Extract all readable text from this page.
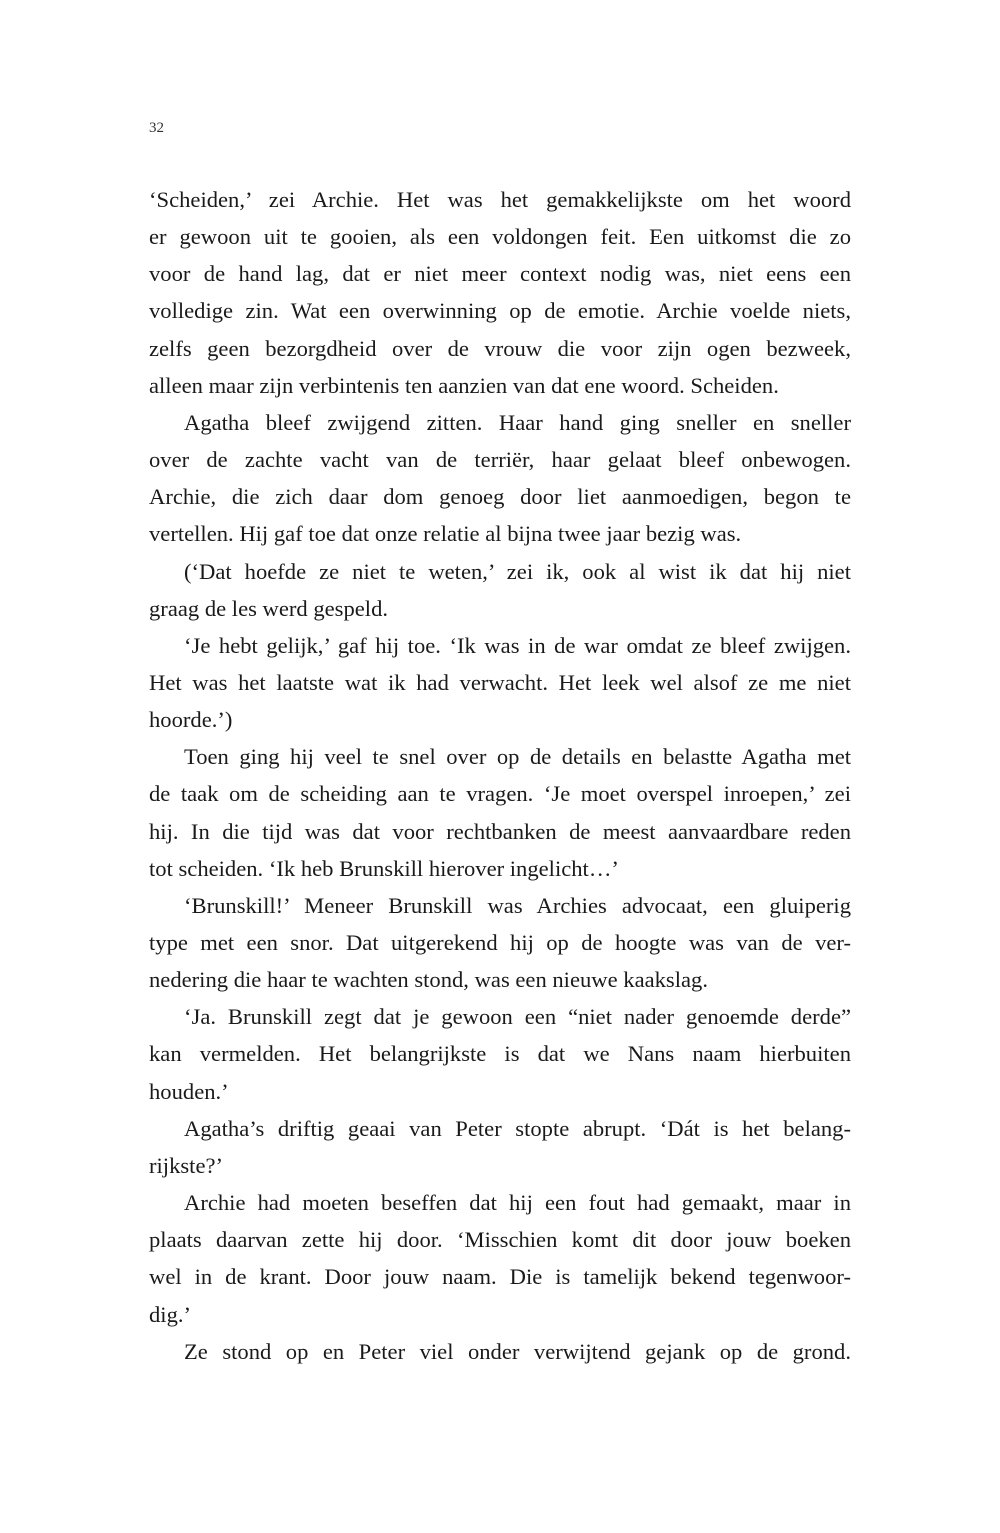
32
‘Scheiden,’ zei Archie. Het was het gemakkelijkste om het woord
er gewoon uit te gooien, als een voldongen feit. Een uitkomst die zo
voor de hand lag, dat er niet meer context nodig was, niet eens een
volledige zin. Wat een overwinning op de emotie. Archie voelde niets,
zelfs geen bezorgdheid over de vrouw die voor zijn ogen bezweek,
alleen maar zijn verbintenis ten aanzien van dat ene woord. Scheiden.
Agatha bleef zwijgend zitten. Haar hand ging sneller en sneller
over de zachte vacht van de terriër, haar gelaat bleef onbewogen.
Archie, die zich daar dom genoeg door liet aanmoedigen, begon te
vertellen. Hij gaf toe dat onze relatie al bijna twee jaar bezig was.
(‘Dat hoefde ze niet te weten,’ zei ik, ook al wist ik dat hij niet
graag de les werd gespeld.
‘Je hebt gelijk,’ gaf hij toe. ‘Ik was in de war omdat ze bleef zwijgen.
Het was het laatste wat ik had verwacht. Het leek wel alsof ze me niet
hoorde.’)
Toen ging hij veel te snel over op de details en belastte Agatha met
de taak om de scheiding aan te vragen. ‘Je moet overspel inroepen,’ zei
hij. In die tijd was dat voor rechtbanken de meest aanvaardbare reden
tot scheiden. ‘Ik heb Brunskill hierover ingelicht…’
‘Brunskill!’ Meneer Brunskill was Archies advocaat, een gluiperig
type met een snor. Dat uitgerekend hij op de hoogte was van de ver-
nedering die haar te wachten stond, was een nieuwe kaakslag.
‘Ja. Brunskill zegt dat je gewoon een “niet nader genoemde derde”
kan vermelden. Het belangrijkste is dat we Nans naam hierbuiten
houden.’
Agatha’s driftig geaai van Peter stopte abrupt. ‘Dát is het belang-
rijkste?’
Archie had moeten beseffen dat hij een fout had gemaakt, maar in
plaats daarvan zette hij door. ‘Misschien komt dit door jouw boeken
wel in de krant. Door jouw naam. Die is tamelijk bekend tegenwoor-
dig.’
Ze stond op en Peter viel onder verwijtend gejank op de grond.
